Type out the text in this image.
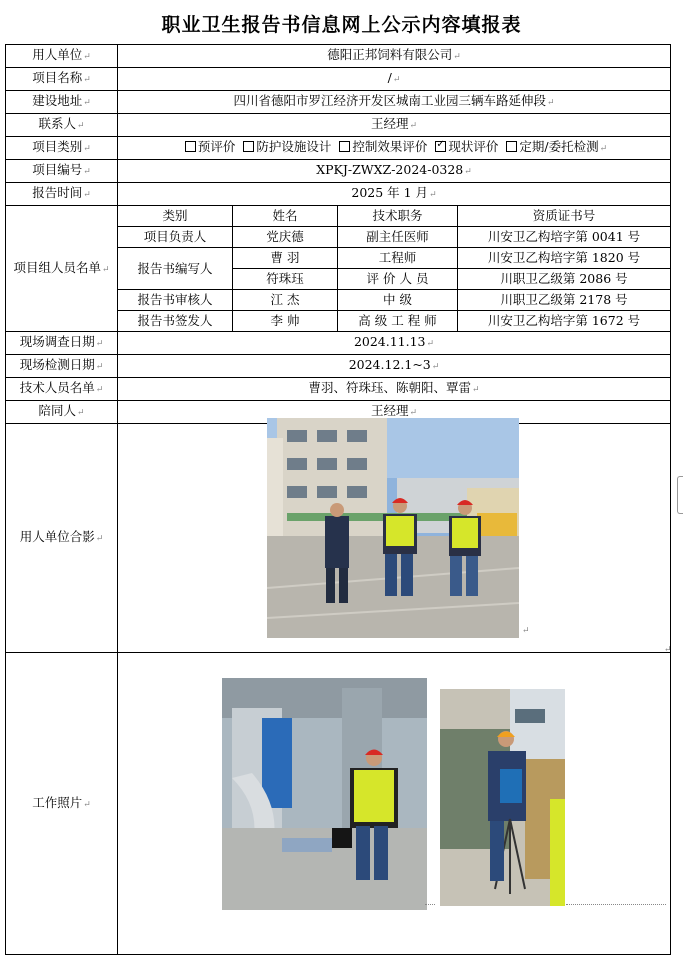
职业卫生报告书信息网上公示内容填报表
用人单位↵	德阳正邦饲料有限公司↵			
项目名称↵	/↵			
建设地址↵	四川省德阳市罗江经济开发区城南工业园三辆车路延伸段↵			
联系人↵	王经理↵			
项目类别↵	预评价 防护设施设计 控制效果评价 ✓ 现状评价 定期/委托检测↵
项目编号↵	XPKJ-ZWXZ-2024-0328↵			
报告时间↵	2025 年 1 月↵			
项目组人员名单↵	类别	姓名	技术职务	资质证书号
	项目负责人	党庆德	副主任医师	川安卫乙构培字第 0041 号
	报告书编写人	曹 羽	工程师	川安卫乙构培字第 1820 号
		符珠珏	评 价 人 员	川职卫乙级第 2086 号
	报告书审核人	江 杰	中 级	川职卫乙级第 2178 号
	报告书签发人	李 帅	高 级 工 程 师	川安卫乙构培字第 1672 号
现场调查日期↵	2024.11.13↵			
现场检测日期↵	2024.12.1~3↵			
技术人员名单↵	曹羽、符珠珏、陈朝阳、覃雷↵			
陪同人↵	王经理↵			
用人单位合影↵				
工作照片↵				
↵
↵
